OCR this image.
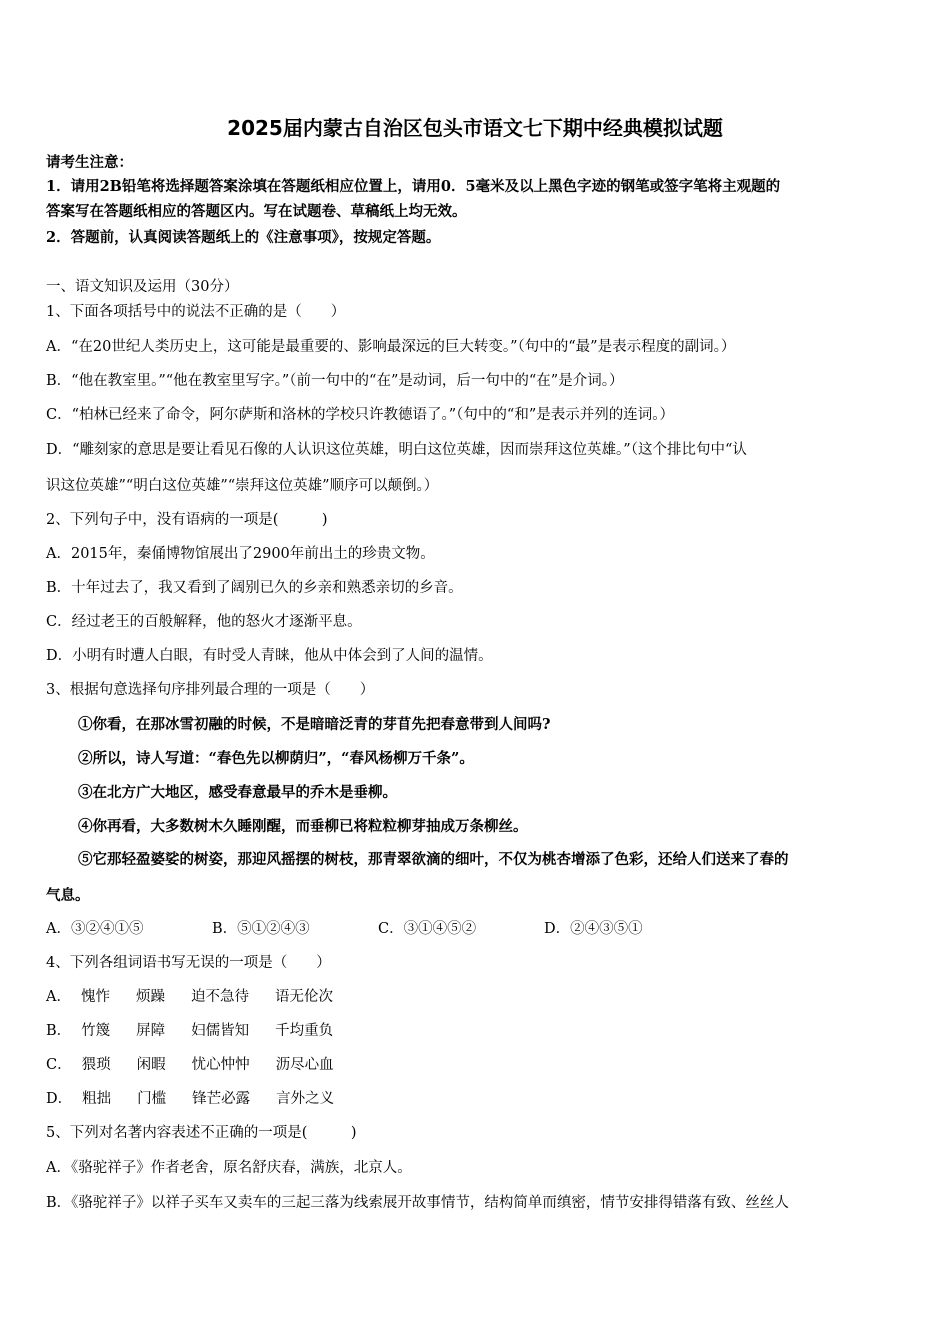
2025届内蒙古自治区包头市语文七下期中经典模拟试题
请考生注意：
1．请用2B铅笔将选择题答案涂填在答题纸相应位置上，请用0．5毫米及以上黑色字迹的钢笔或签字笔将主观题的
答案写在答题纸相应的答题区内。写在试题卷、草稿纸上均无效。
2．答题前，认真阅读答题纸上的《注意事项》，按规定答题。
一、语文知识及运用（30分）
1、下面各项括号中的说法不正确的是（　　）
A．“在20世纪人类历史上，这可能是最重要的、影响最深远的巨大转变。”（句中的“最”是表示程度的副词。）
B．“他在教室里。”“他在教室里写字。”（前一句中的“在”是动词，后一句中的“在”是介词。）
C．“柏林已经来了命令，阿尔萨斯和洛林的学校只许教德语了。”（句中的“和”是表示并列的连词。）
D．“雕刻家的意思是要让看见石像的人认识这位英雄，明白这位英雄，因而崇拜这位英雄。”（这个排比句中“认
识这位英雄”“明白这位英雄”“崇拜这位英雄”顺序可以颠倒。）
2、下列句子中，没有语病的一项是(　　　)
A．2015年，秦俑博物馆展出了2900年前出土的珍贵文物。
B．十年过去了，我又看到了阔别已久的乡亲和熟悉亲切的乡音。
C．经过老王的百般解释，他的怒火才逐渐平息。
D．小明有时遭人白眼，有时受人青睐，他从中体会到了人间的温情。
3、根据句意选择句序排列最合理的一项是（　　）
①你看，在那冰雪初融的时候，不是暗暗泛青的芽苜先把春意带到人间吗?
②所以，诗人写道：“春色先以柳荫归”，“春风杨柳万千条”。
③在北方广大地区，感受春意最早的乔木是垂柳。
④你再看，大多数树木久睡刚醒，而垂柳已将粒粒柳芽抽成万条柳丝。
⑤它那轻盈婆娑的树姿，那迎风摇摆的树枝，那青翠欲滴的细叶，不仅为桃杏增添了色彩，还给人们送来了春的
气息。
A．③②④①⑤	B．⑤①②④③	C．③①④⑤②	D．②④③⑤①
4、下列各组词语书写无误的一项是（　　）
A． 愧怍 烦躁 迫不急待 语无伦次
B． 竹篾 屏障 妇儒皆知 千均重负
C． 猥琐 闲暇 忧心忡忡 沥尽心血
D． 粗拙 门槛 锋芒必露 言外之义
5、下列对名著内容表述不正确的一项是(　　　)
A．《骆驼祥子》作者老舍，原名舒庆春，满族，北京人。
B．《骆驼祥子》以祥子买车又卖车的三起三落为线索展开故事情节，结构简单而缜密，情节安排得错落有致、丝丝人
